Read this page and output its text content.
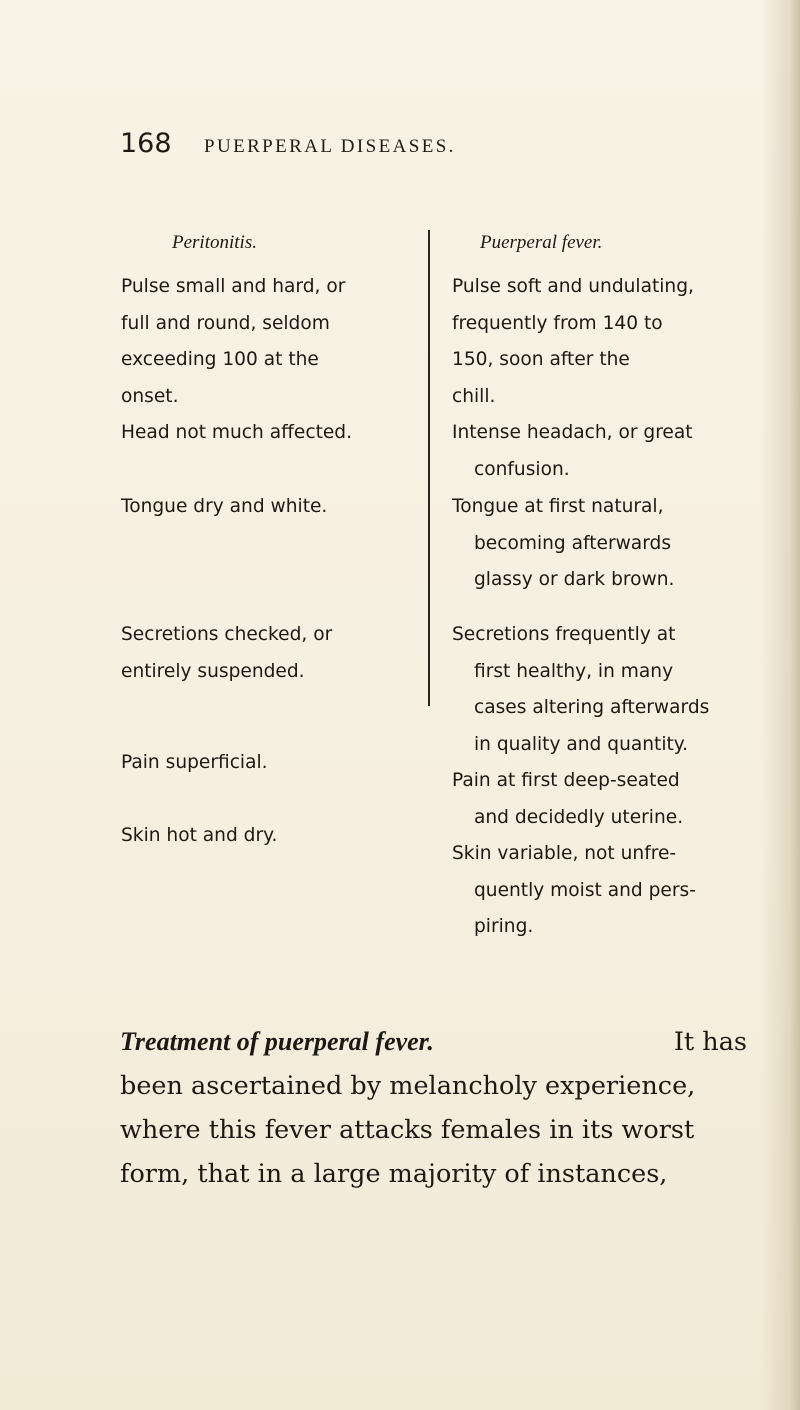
168 PUERPERAL DISEASES.
Peritonitis.
Pulse small and hard, or
full and round, seldom
exceeding 100 at the
onset.
Head not much affected.
Tongue dry and white.
Secretions checked, or
entirely suspended.
Pain superficial.
Skin hot and dry.
Puerperal fever.
Pulse soft and undulating,
frequently from 140 to
150, soon after the
chill.
Intense headach, or great
confusion.
Tongue at first natural,
becoming afterwards
glassy or dark brown.
Secretions frequently at
first healthy, in many
cases altering afterwards
in quality and quantity.
Pain at first deep-seated
and decidedly uterine.
Skin variable, not unfre-
quently moist and pers-
piring.
Treatment of puerperal fever.	It has
been ascertained by melancholy experience,
where this fever attacks females in its worst
form, that in a large majority of instances,
